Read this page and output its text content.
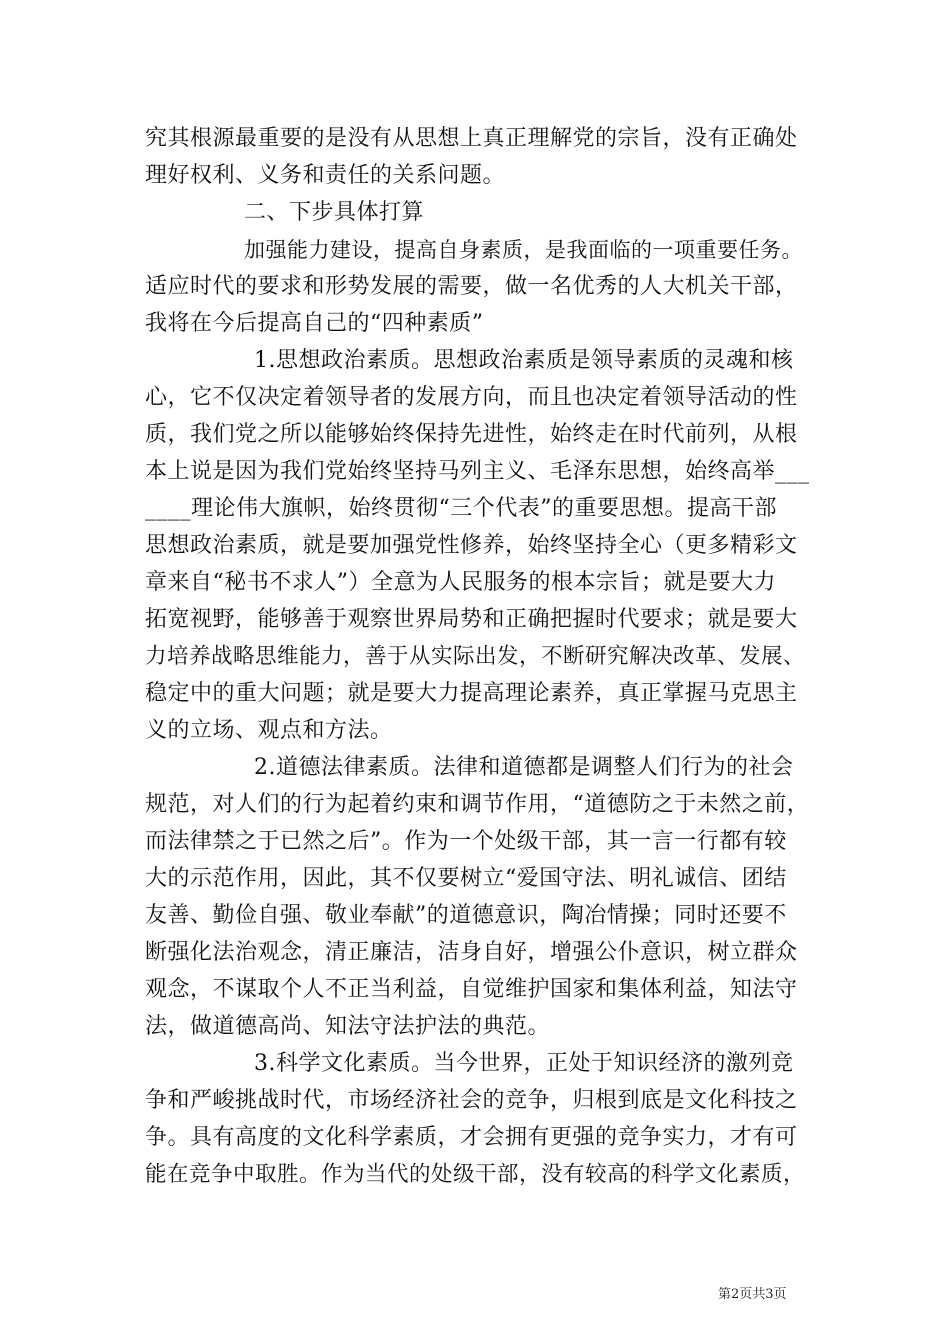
究其根源最重要的是没有从思想上真正理解党的宗旨，没有正确处
理好权利、义务和责任的关系问题。
二、下步具体打算
加强能力建设，提高自身素质，是我面临的一项重要任务。
适应时代的要求和形势发展的需要，做一名优秀的人大机关干部，
我将在今后提高自己的“四种素质”
1.思想政治素质。思想政治素质是领导素质的灵魂和核
心，它不仅决定着领导者的发展方向，而且也决定着领导活动的性
质，我们党之所以能够始终保持先进性，始终走在时代前列，从根
本上说是因为我们党始终坚持马列主义、毛泽东思想，始终高举___
____理论伟大旗帜，始终贯彻“三个代表”的重要思想。提高干部
思想政治素质，就是要加强党性修养，始终坚持全心（更多精彩文
章来自“秘书不求人”）全意为人民服务的根本宗旨；就是要大力
拓宽视野，能够善于观察世界局势和正确把握时代要求；就是要大
力培养战略思维能力，善于从实际出发，不断研究解决改革、发展、
稳定中的重大问题；就是要大力提高理论素养，真正掌握马克思主
义的立场、观点和方法。
2.道德法律素质。法律和道德都是调整人们行为的社会
规范，对人们的行为起着约束和调节作用，“道德防之于未然之前，
而法律禁之于已然之后”。作为一个处级干部，其一言一行都有较
大的示范作用，因此，其不仅要树立“爱国守法、明礼诚信、团结
友善、勤俭自强、敬业奉献”的道德意识，陶冶情操；同时还要不
断强化法治观念，清正廉洁，洁身自好，增强公仆意识，树立群众
观念，不谋取个人不正当利益，自觉维护国家和集体利益，知法守
法，做道德高尚、知法守法护法的典范。
3.科学文化素质。当今世界，正处于知识经济的激列竞
争和严峻挑战时代，市场经济社会的竞争，归根到底是文化科技之
争。具有高度的文化科学素质，才会拥有更强的竞争实力，才有可
能在竞争中取胜。作为当代的处级干部，没有较高的科学文化素质，
第2页共3页
